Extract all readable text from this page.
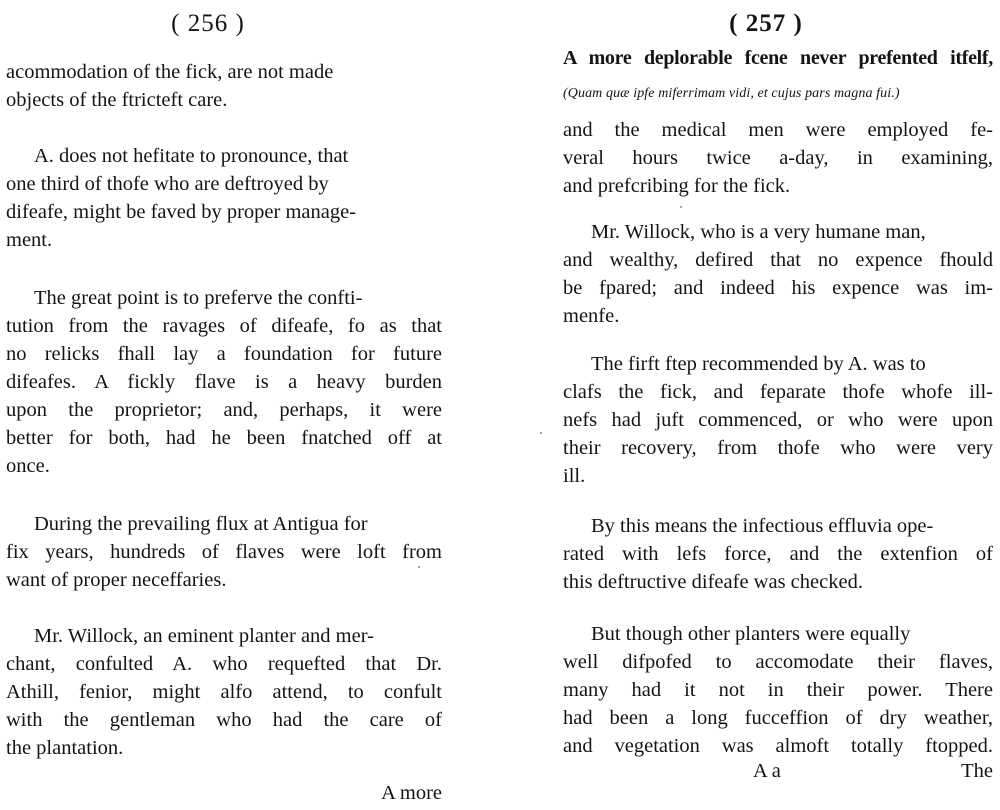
( 256 )
acommodation of the fick, are not made
objects of the ftricteft care.
A. does not hefitate to pronounce, that
one third of thofe who are deftroyed by
difeafe, might be faved by proper manage-
ment.
The great point is to preferve the confti-
tution from the ravages of difeafe, fo as that
no relicks fhall lay a foundation for future
difeafes. A fickly flave is a heavy burden
upon the proprietor; and, perhaps, it were
better for both, had he been fnatched off at
once.
During the prevailing flux at Antigua for
fix years, hundreds of flaves were loft from
want of proper neceffaries.
Mr. Willock, an eminent planter and mer-
chant, confulted A. who requefted that Dr.
Athill, fenior, might alfo attend, to confult
with the gentleman who had the care of
the plantation.
A more
( 257 )
A more deplorable fcene never prefented itfelf,
(Quam quæ ipfe miferrimam vidi, et cujus pars magna fui.)
and the medical men were employed fe-
veral hours twice a-day, in examining,
and prefcribing for the fick.
Mr. Willock, who is a very humane man,
and wealthy, defired that no expence fhould
be fpared; and indeed his expence was im-
menfe.
The firft ftep recommended by A. was to
clafs the fick, and feparate thofe whofe ill-
nefs had juft commenced, or who were upon
their recovery, from thofe who were very
ill.
By this means the infectious effluvia ope-
rated with lefs force, and the extenfion of
this deftructive difeafe was checked.
But though other planters were equally
well difpofed to accomodate their flaves,
many had it not in their power. There
had been a long fucceffion of dry weather,
and vegetation was almoft totally ftopped.
A a	The
